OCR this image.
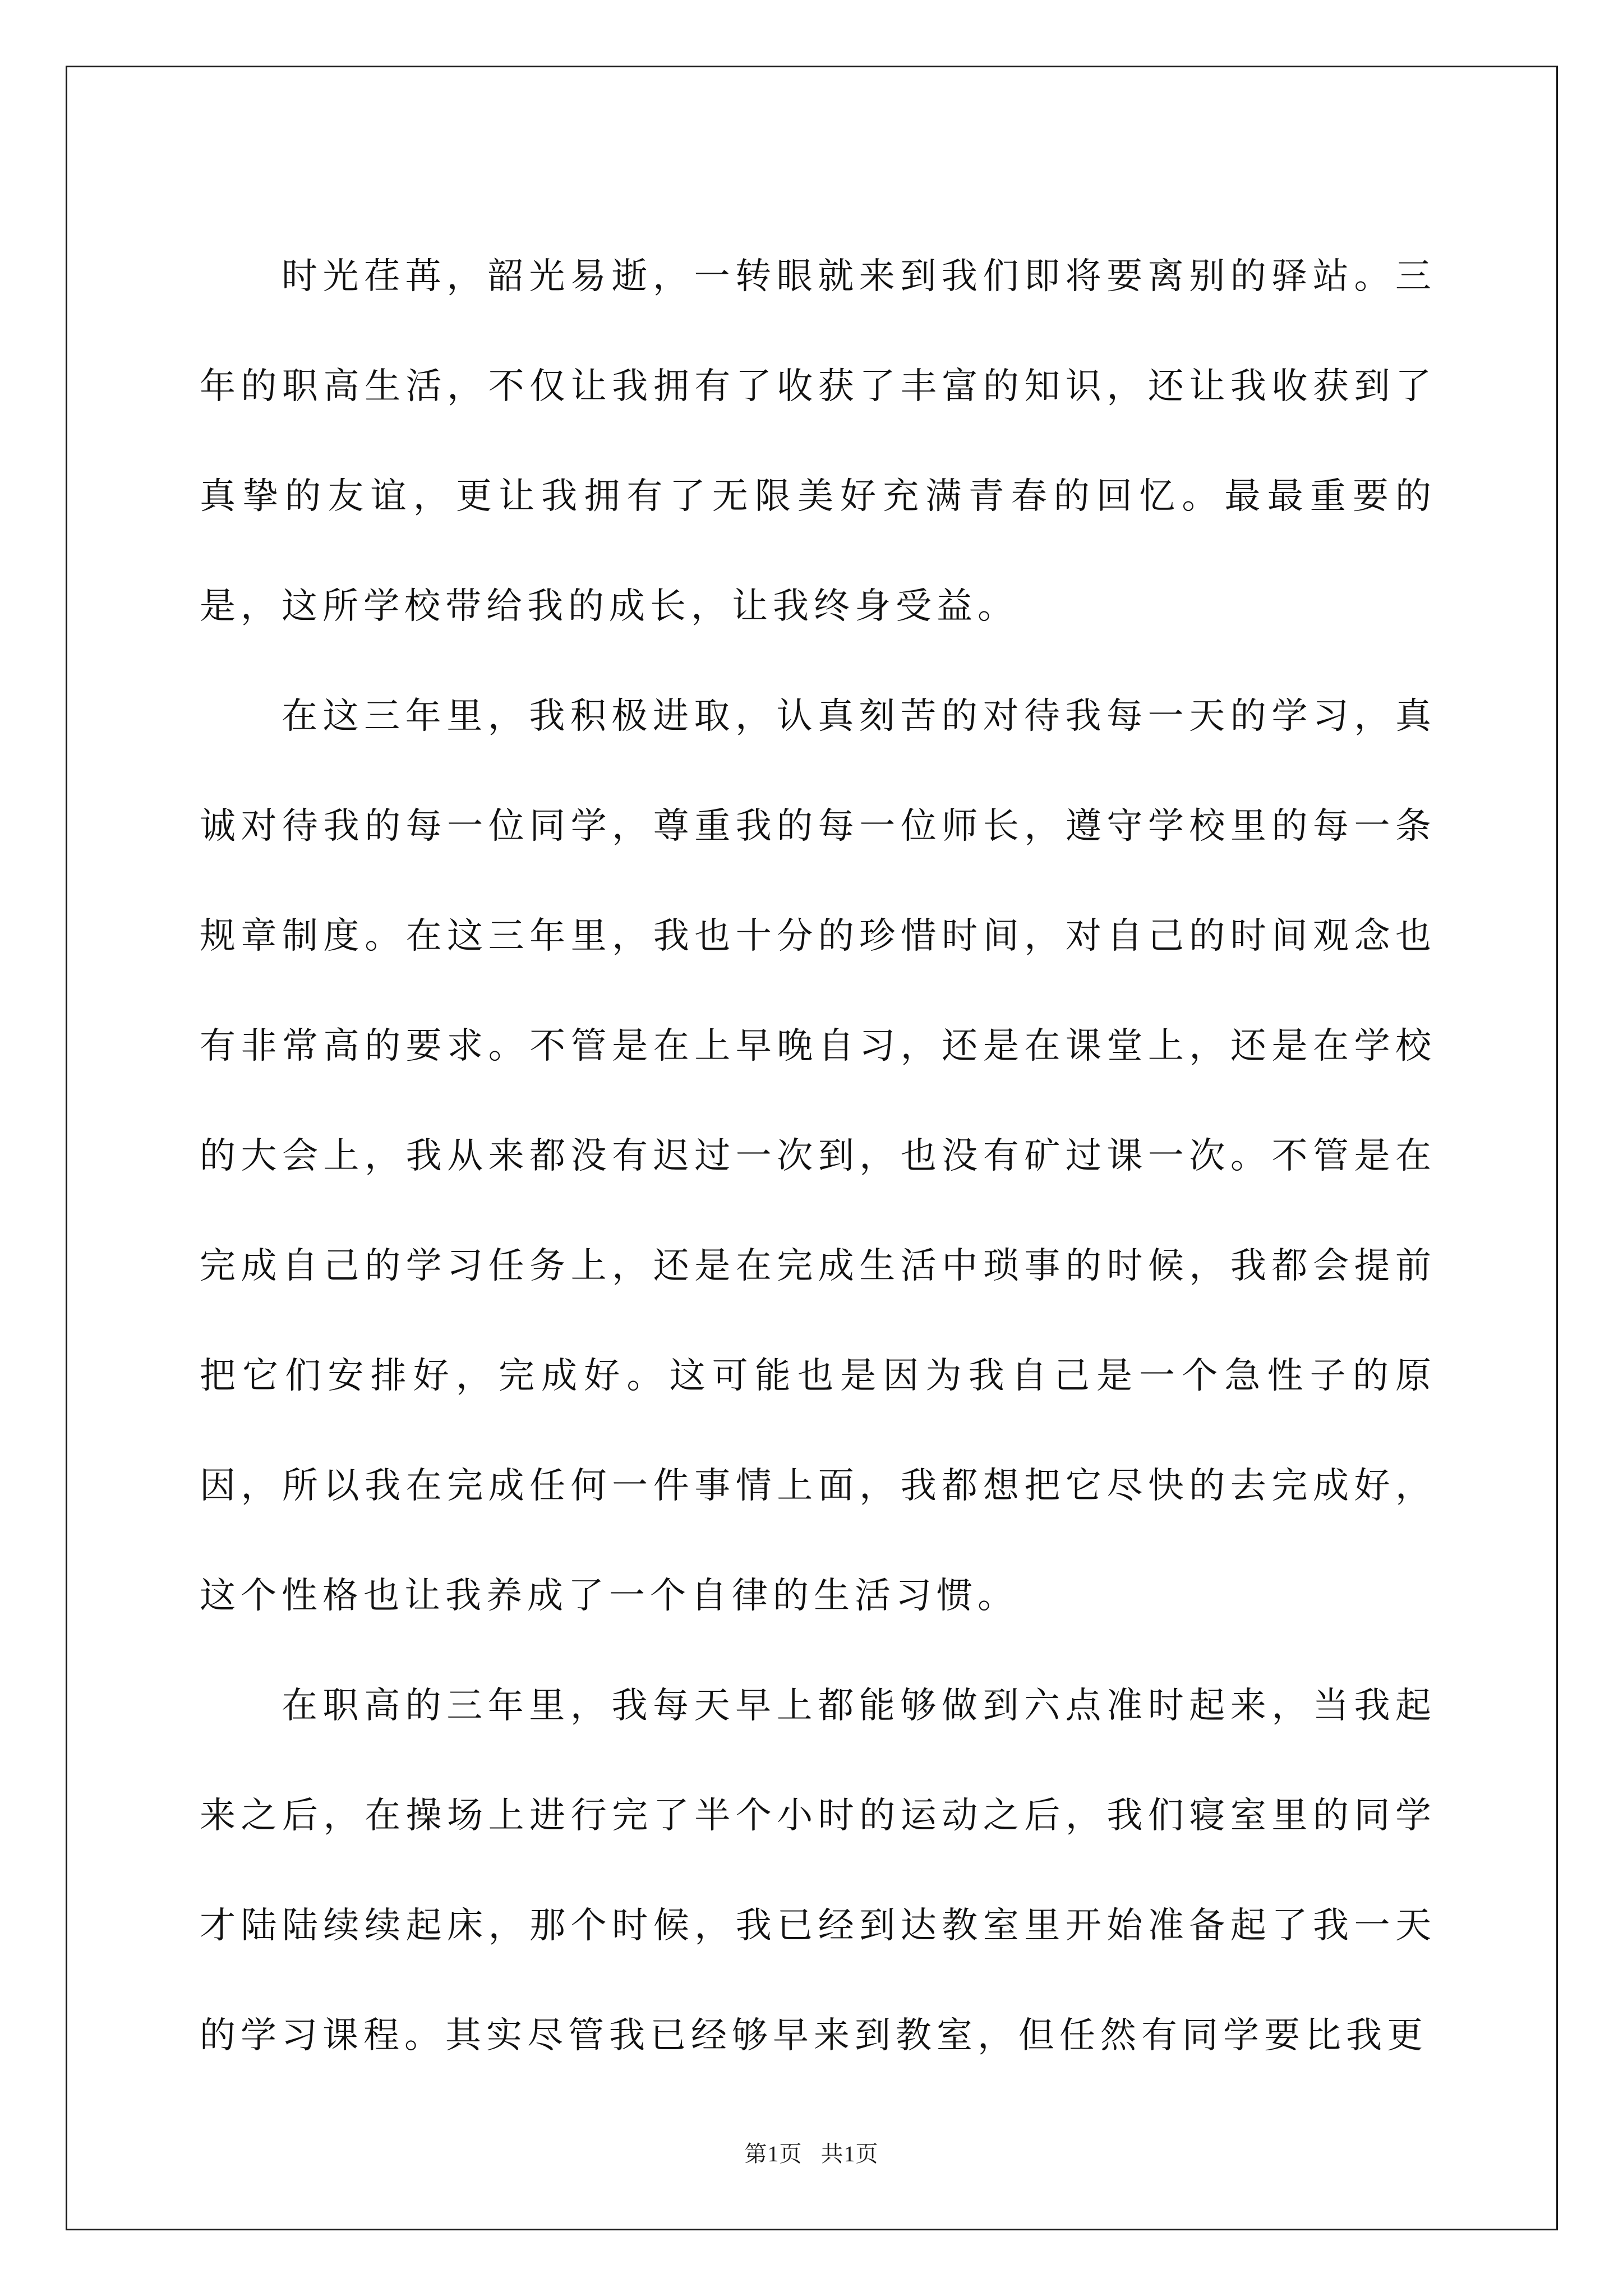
时光荏苒，韶光易逝，一转眼就来到我们即将要离别的驿站。三年的职高生活，不仅让我拥有了收获了丰富的知识，还让我收获到了真挚的友谊，更让我拥有了无限美好充满青春的回忆。最最重要的是，这所学校带给我的成长，让我终身受益。

在这三年里，我积极进取，认真刻苦的对待我每一天的学习，真诚对待我的每一位同学，尊重我的每一位师长，遵守学校里的每一条规章制度。在这三年里，我也十分的珍惜时间，对自己的时间观念也有非常高的要求。不管是在上早晚自习，还是在课堂上，还是在学校的大会上，我从来都没有迟过一次到，也没有矿过课一次。不管是在完成自己的学习任务上，还是在完成生活中琐事的时候，我都会提前把它们安排好，完成好。这可能也是因为我自己是一个急性子的原因，所以我在完成任何一件事情上面，我都想把它尽快的去完成好，这个性格也让我养成了一个自律的生活习惯。

在职高的三年里，我每天早上都能够做到六点准时起来，当我起来之后，在操场上进行完了半个小时的运动之后，我们寝室里的同学才陆陆续续起床，那个时候，我已经到达教室里开始准备起了我一天的学习课程。其实尽管我已经够早来到教室，但任然有同学要比我更

第1页 共1页
